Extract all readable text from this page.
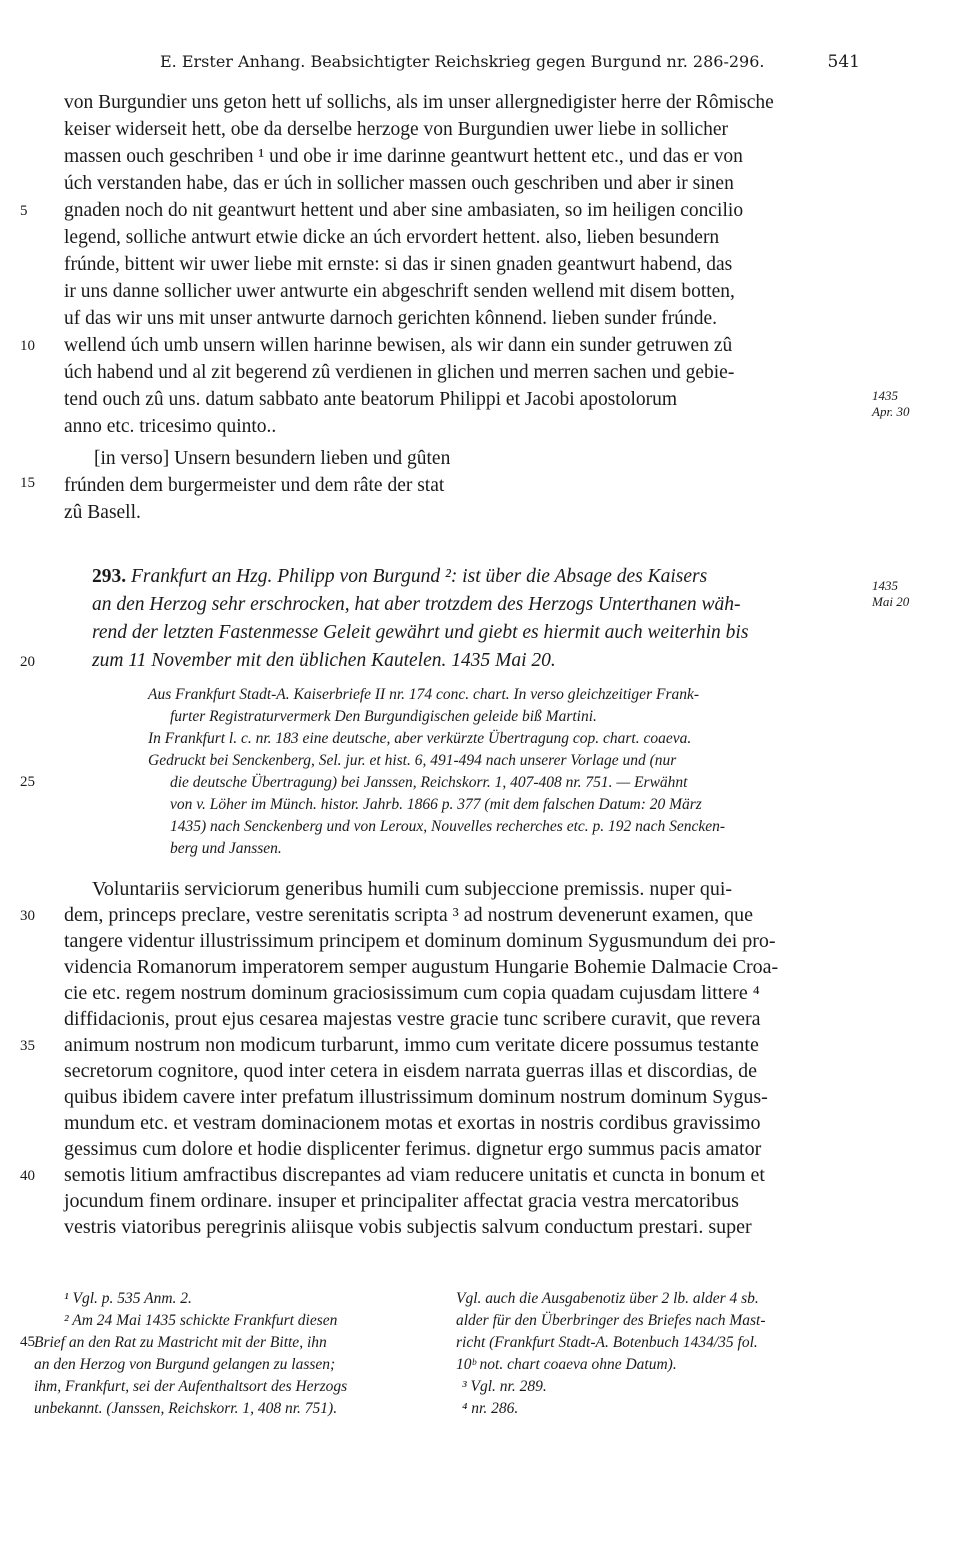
E. Erster Anhang. Beabsichtigter Reichskrieg gegen Burgund nr. 286-296.	541
von Burgundier uns geton hett uf sollichs, als im unser allergnedigister herre der Rômische
keiser widerseit hett, obe da derselbe herzoge von Burgundien uwer liebe in sollicher
massen ouch geschriben ¹ und obe ir ime darinne geantwurt hettent etc., und das er von
úch verstanden habe, das er úch in sollicher massen ouch geschriben und aber ir sinen
gnaden noch do nit geantwurt hettent und aber sine ambasiaten, so im heiligen concilio
legend, solliche antwurt etwie dicke an úch ervordert hettent. also, lieben besundern
frúnde, bittent wir uwer liebe mit ernste: si das ir sinen gnaden geantwurt habend, das
ir uns danne sollicher uwer antwurte ein abgeschrift senden wellend mit disem botten,
uf das wir uns mit unser antwurte darnoch gerichten kônnend. lieben sunder frúnde.
wellend úch umb unsern willen harinne bewisen, als wir dann ein sunder getruwen zû
úch habend und al zit begerend zû verdienen in glichen und merren sachen und gebie-
tend ouch zû uns. datum sabbato ante beatorum Philippi et Jacobi apostolorum
anno etc. tricesimo quinto..
[in verso] Unsern besundern lieben und gûten
frúnden dem burgermeister und dem râte der stat
zû Basell.
1435
Apr. 30
293. Frankfurt an Hzg. Philipp von Burgund ²: ist über die Absage des Kaisers
an den Herzog sehr erschrocken, hat aber trotzdem des Herzogs Unterthanen wäh-
rend der letzten Fastenmesse Geleit gewährt und giebt es hiermit auch weiterhin bis
zum 11 November mit den üblichen Kautelen. 1435 Mai 20.
1435
Mai 20
Aus Frankfurt Stadt-A. Kaiserbriefe II nr. 174 conc. chart. In verso gleichzeitiger Frank-
furter Registraturvermerk Den Burgundigischen geleide biß Martini.
In Frankfurt l. c. nr. 183 eine deutsche, aber verkürzte Übertragung cop. chart. coaeva.
Gedruckt bei Senckenberg, Sel. jur. et hist. 6, 491-494 nach unserer Vorlage und (nur
die deutsche Übertragung) bei Janssen, Reichskorr. 1, 407-408 nr. 751. — Erwähnt
von v. Löher im Münch. histor. Jahrb. 1866 p. 377 (mit dem falschen Datum: 20 März
1435) nach Senckenberg und von Leroux, Nouvelles recherches etc. p. 192 nach Sencken-
berg und Janssen.
Voluntariis serviciorum generibus humili cum subjeccione premissis. nuper qui-
dem, princeps preclare, vestre serenitatis scripta ³ ad nostrum devenerunt examen, que
tangere videntur illustrissimum principem et dominum dominum Sygusmundum dei pro-
videncia Romanorum imperatorem semper augustum Hungarie Bohemie Dalmacie Croa-
cie etc. regem nostrum dominum graciosissimum cum copia quadam cujusdam littere ⁴
diffidacionis, prout ejus cesarea majestas vestre gracie tunc scribere curavit, que revera
animum nostrum non modicum turbarunt, immo cum veritate dicere possumus testante
secretorum cognitore, quod inter cetera in eisdem narrata guerras illas et discordias, de
quibus ibidem cavere inter prefatum illustrissimum dominum nostrum dominum Sygus-
mundum etc. et vestram dominacionem motas et exortas in nostris cordibus gravissimo
gessimus cum dolore et hodie displicenter ferimus. dignetur ergo summus pacis amator
semotis litium amfractibus discrepantes ad viam reducere unitatis et cuncta in bonum et
jocundum finem ordinare. insuper et principaliter affectat gracia vestra mercatoribus
vestris viatoribus peregrinis aliisque vobis subjectis salvum conductum prestari. super
¹ Vgl. p. 535 Anm. 2.
² Am 24 Mai 1435 schickte Frankfurt diesen
Brief an den Rat zu Mastricht mit der Bitte, ihn
an den Herzog von Burgund gelangen zu lassen;
ihm, Frankfurt, sei der Aufenthaltsort des Herzogs
unbekannt. (Janssen, Reichskorr. 1, 408 nr. 751).
Vgl. auch die Ausgabenotiz über 2 lb. alder 4 sb.
alder für den Überbringer des Briefes nach Mast-
richt (Frankfurt Stadt-A. Botenbuch 1434/35 fol.
10ᵇ not. chart coaeva ohne Datum).
³ Vgl. nr. 289.
⁴ nr. 286.
5
10
15
20
25
30
35
40
45
